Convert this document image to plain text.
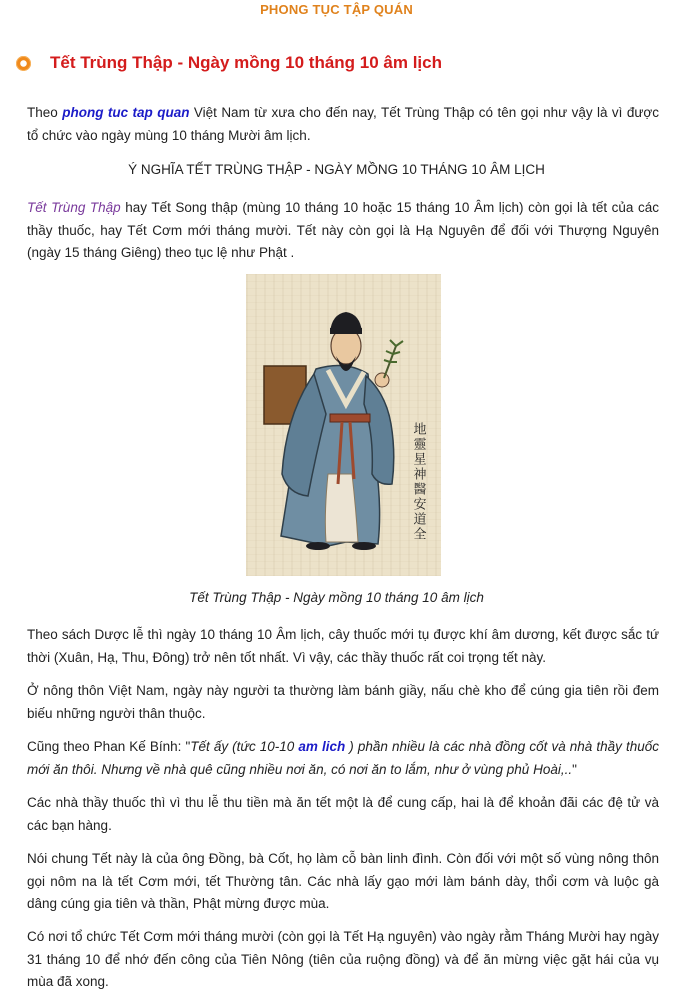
PHONG TỤC TẬP QUÁN
Tết Trùng Thập - Ngày mồng 10 tháng 10 âm lịch
Theo phong tuc tap quan Việt Nam từ xưa cho đến nay, Tết Trùng Thập có tên gọi như vậy là vì được tổ chức vào ngày mùng 10 tháng Mười âm lịch.
Ý NGHĨA TẾT TRÙNG THẬP - NGÀY MỒNG 10 THÁNG 10 ÂM LỊCH
Tết Trùng Thập hay Tết Song thập (mùng 10 tháng 10 hoặc 15 tháng 10 Âm lịch) còn gọi là tết của các thầy thuốc, hay Tết Cơm mới tháng mười. Tết này còn gọi là Hạ Nguyên để đối với Thượng Nguyên (ngày 15 tháng Giêng) theo tục lệ như Phật .
地靈星神醫安道全
Tết Trùng Thập - Ngày mồng 10 tháng 10 âm lịch
Theo sách Dược lễ thì ngày 10 tháng 10 Âm lịch, cây thuốc mới tụ được khí âm dương, kết được sắc tứ thời (Xuân, Hạ, Thu, Đông) trở nên tốt nhất. Vì vậy, các thầy thuốc rất coi trọng tết này.
Ở nông thôn Việt Nam, ngày này người ta thường làm bánh giầy, nấu chè kho để cúng gia tiên rồi đem biếu những người thân thuộc.
Cũng theo Phan Kế Bính: "Tết ấy (tức 10-10 am lich ) phần nhiều là các nhà đồng cốt và nhà thầy thuốc mới ăn thôi. Nhưng về nhà quê cũng nhiều nơi ăn, có nơi ăn to lắm, như ở vùng phủ Hoài,.."
Các nhà thầy thuốc thì vì thu lễ thu tiền mà ăn tết một là để cung cấp, hai là để khoản đãi các đệ tử và các bạn hàng.
Nói chung Tết này là của ông Đồng, bà Cốt, họ làm cỗ bàn linh đình. Còn đối với một số vùng nông thôn gọi nôm na là tết Cơm mới, tết Thường tân. Các nhà lấy gạo mới làm bánh dày, thổi cơm và luộc gà dâng cúng gia tiên và thần, Phật mừng được mùa.
Có nơi tổ chức Tết Cơm mới tháng mười (còn gọi là Tết Hạ nguyên) vào ngày rằm Tháng Mười hay ngày 31 tháng 10 để nhớ đến công của Tiên Nông (tiên của ruộng đồng) và để ăn mừng việc gặt hái của vụ mùa đã xong.
